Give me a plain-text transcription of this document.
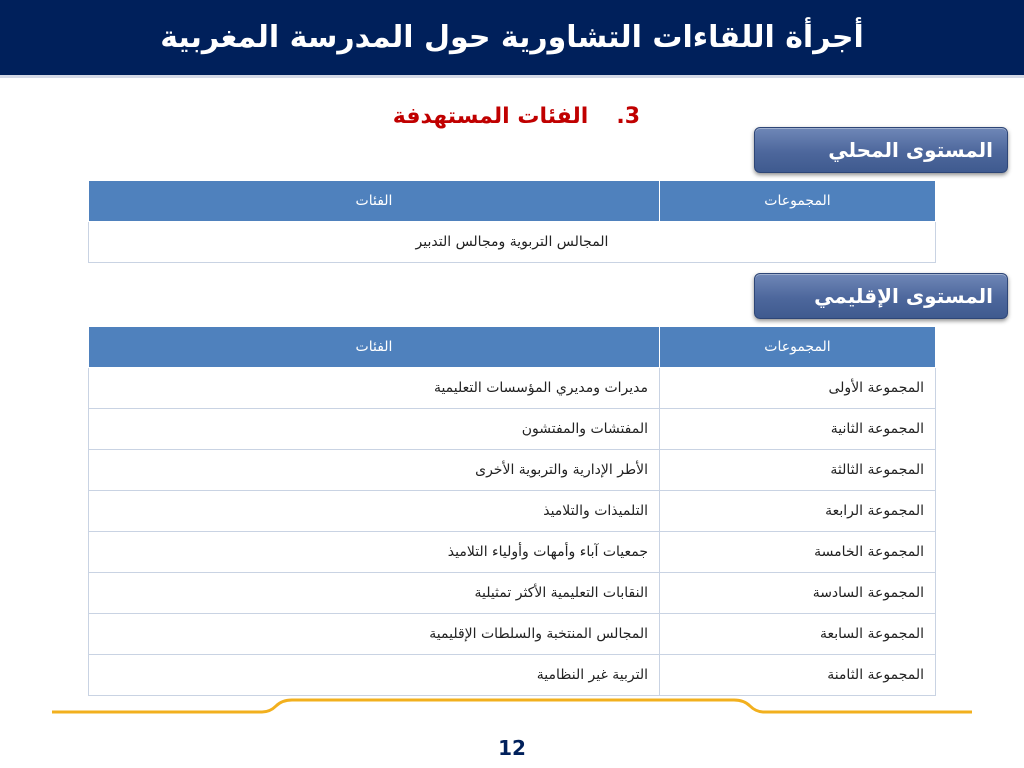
أجرأة اللقاءات التشاورية حول المدرسة المغربية
3.الفئات المستهدفة
المستوى المحلي
المجموعات	الفئات
المجالس التربوية ومجالس التدبير
المستوى الإقليمي
المجموعات	الفئات
المجموعة الأولى	مديرات ومديري المؤسسات التعليمية
المجموعة الثانية	المفتشات والمفتشون
المجموعة الثالثة	الأطر الإدارية والتربوية الأخرى
المجموعة الرابعة	التلميذات والتلاميذ
المجموعة الخامسة	جمعيات آباء وأمهات وأولياء التلاميذ
المجموعة السادسة	النقابات التعليمية الأكثر تمثيلية
المجموعة السابعة	المجالس المنتخبة والسلطات الإقليمية
المجموعة الثامنة	التربية غير النظامية
12
